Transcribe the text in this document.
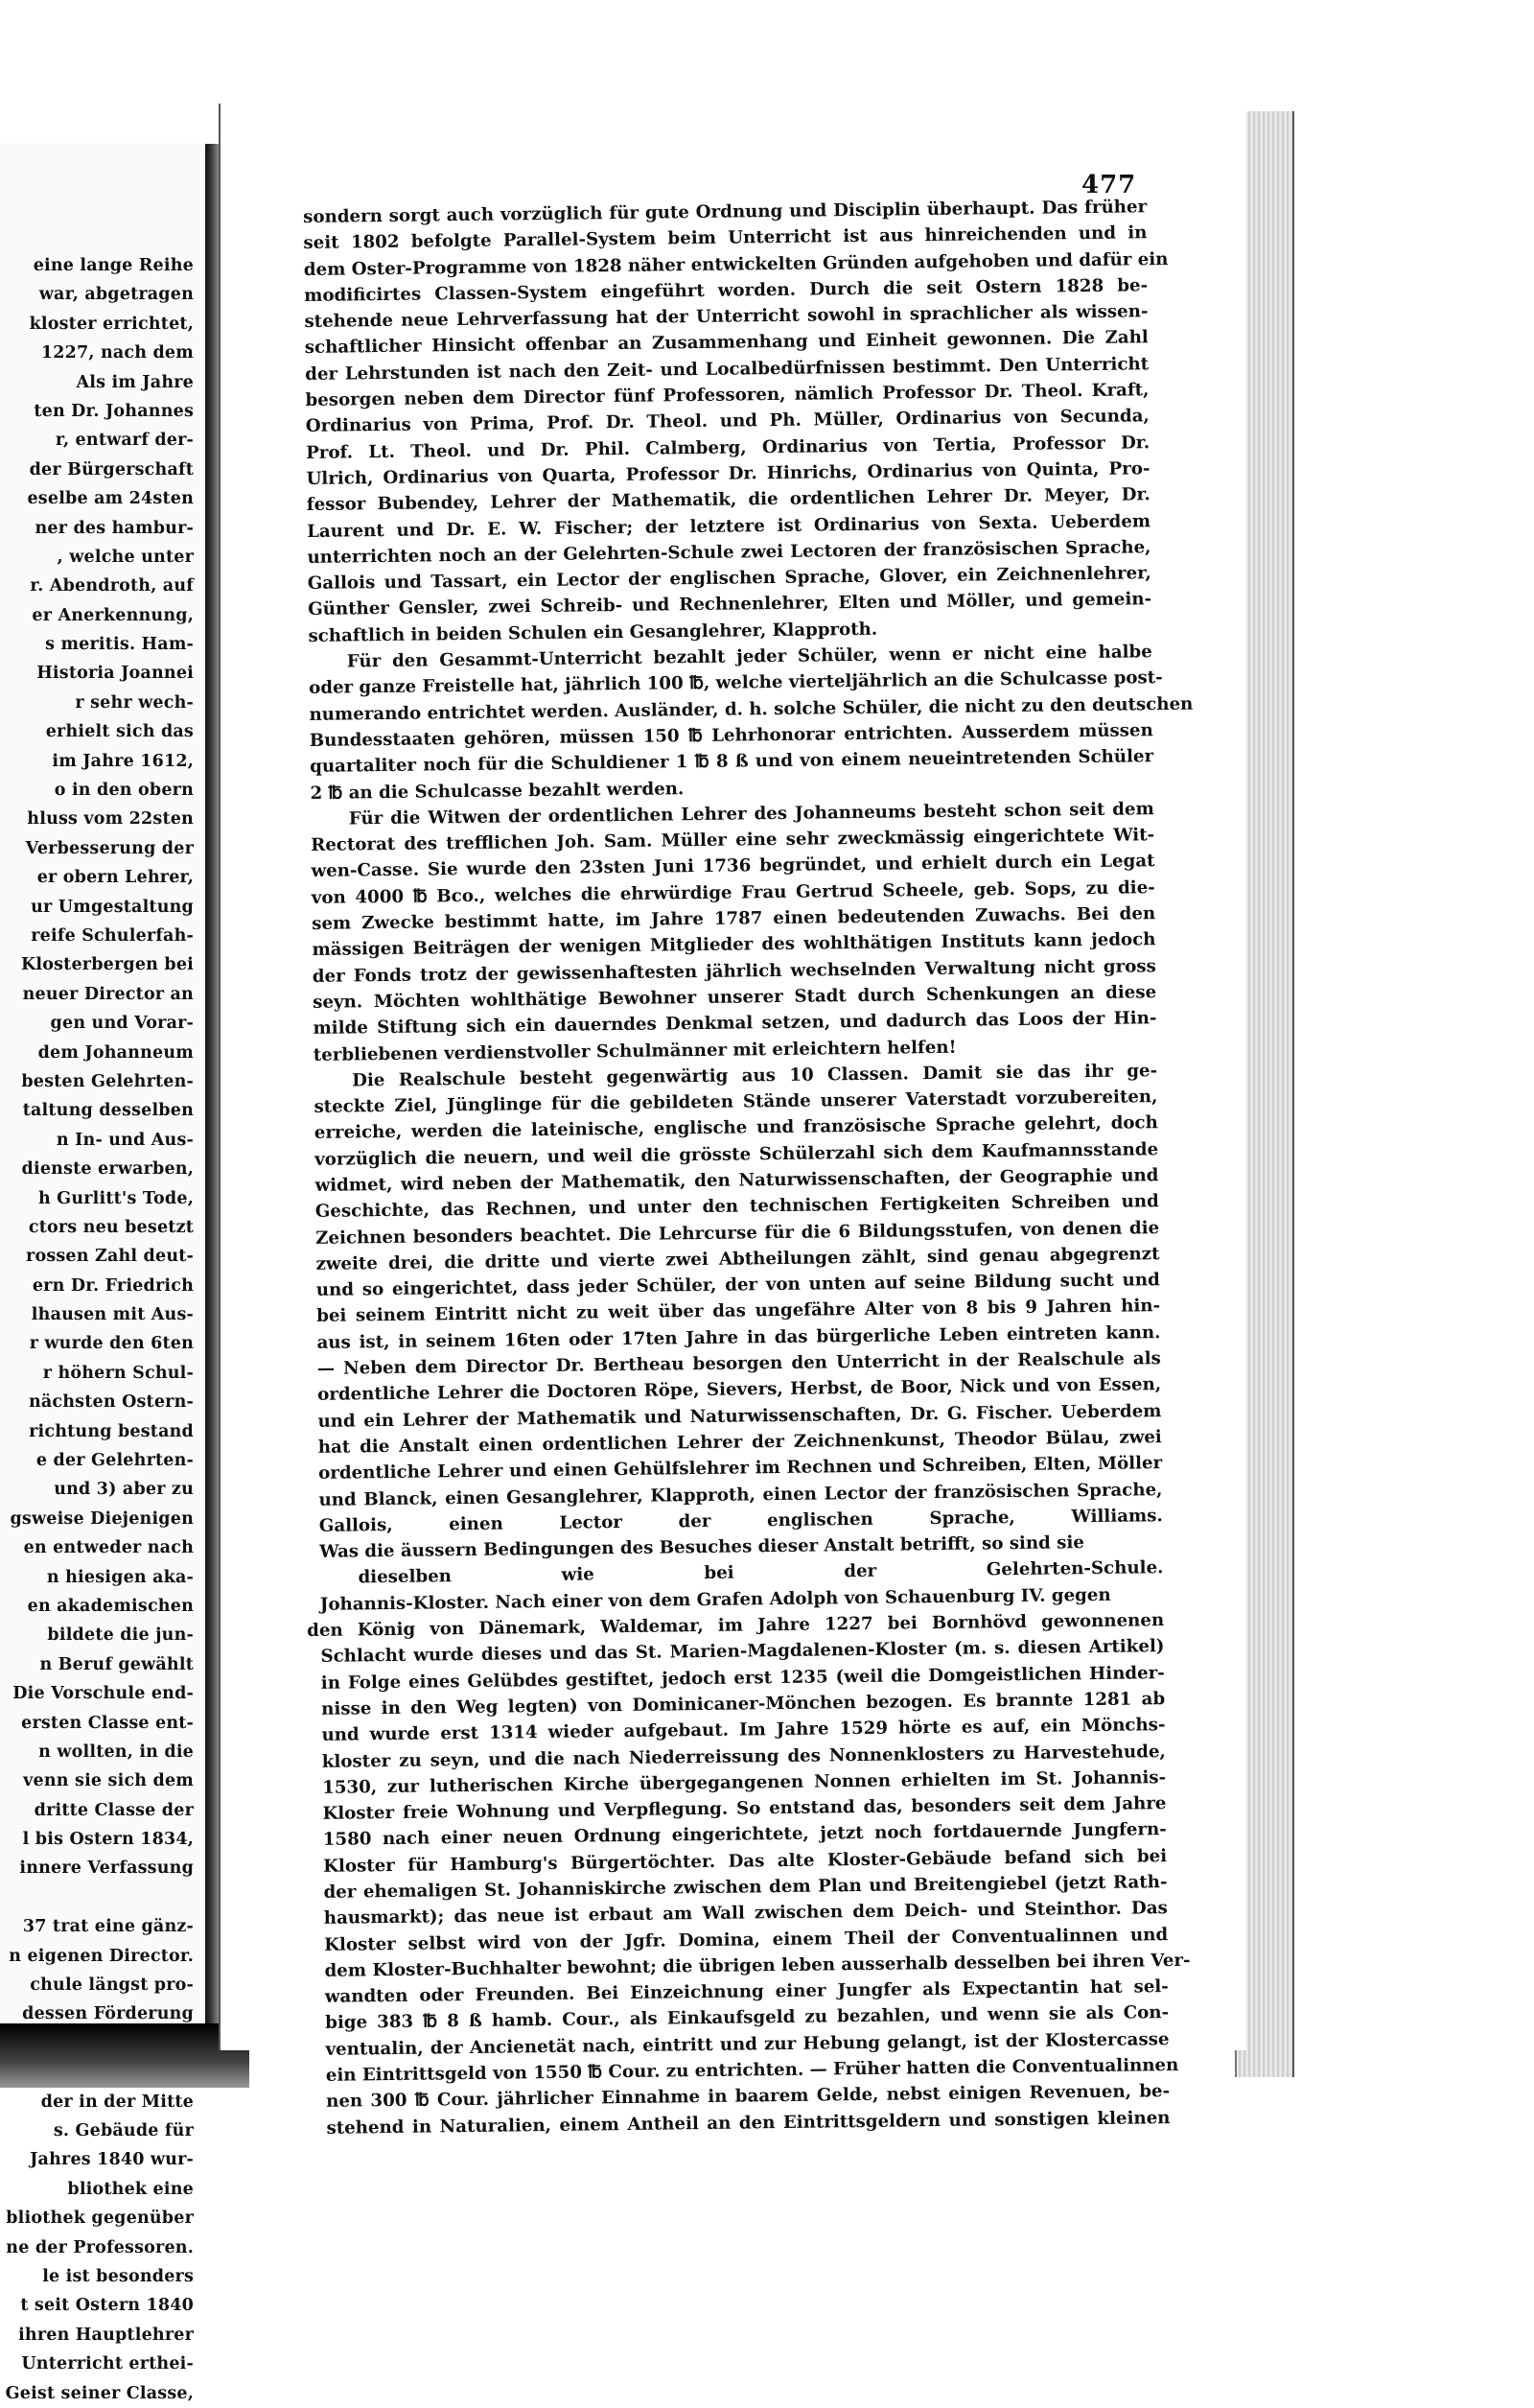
eine lange Reihe
war, abgetragen
kloster errichtet,
1227, nach dem
Als im Jahre
ten Dr. Johannes
r, entwarf der-
der Bürgerschaft
eselbe am 24sten
ner des hambur-
, welche unter
r. Abendroth, auf
er Anerkennung,
s meritis. Ham-
Historia Joannei
r sehr wech-
erhielt sich das
im Jahre 1612,
o in den obern
hluss vom 22sten
Verbesserung der
er obern Lehrer,
ur Umgestaltung
reife Schulerfah-
Klosterbergen bei
neuer Director an
gen und Vorar-
dem Johanneum
besten Gelehrten-
taltung desselben
n In- und Aus-
dienste erwarben,
h Gurlitt's Tode,
ctors neu besetzt
rossen Zahl deut-
ern Dr. Friedrich
lhausen mit Aus-
r wurde den 6ten
r höhern Schul-
nächsten Ostern-
richtung bestand
e der Gelehrten-
und 3) aber zu
gsweise Diejenigen
en entweder nach
n hiesigen aka-
en akademischen
bildete die jun-
n Beruf gewählt
Die Vorschule end-
ersten Classe ent-
n wollten, in die
venn sie sich dem
dritte Classe der
l bis Ostern 1834,
innere Verfassung
37 trat eine gänz-
n eigenen Director.
chule längst pro-
dessen Förderung
der in der Mitte
s. Gebäude für
Jahres 1840 wur-
bliothek eine
bliothek gegenüber
ne der Professoren.
le ist besonders
t seit Ostern 1840
ihren Hauptlehrer
Unterricht erthei-
Geist seiner Classe,
477
sondern sorgt auch vorzüglich für gute Ordnung und Disciplin überhaupt. Das früher
seit 1802 befolgte Parallel-System beim Unterricht ist aus hinreichenden und in
dem Oster-Programme von 1828 näher entwickelten Gründen aufgehoben und dafür ein
modificirtes Classen-System eingeführt worden. Durch die seit Ostern 1828 be-
stehende neue Lehrverfassung hat der Unterricht sowohl in sprachlicher als wissen-
schaftlicher Hinsicht offenbar an Zusammenhang und Einheit gewonnen. Die Zahl
der Lehrstunden ist nach den Zeit- und Localbedürfnissen bestimmt. Den Unterricht
besorgen neben dem Director fünf Professoren, nämlich Professor Dr. Theol. Kraft,
Ordinarius von Prima, Prof. Dr. Theol. und Ph. Müller, Ordinarius von Secunda,
Prof. Lt. Theol. und Dr. Phil. Calmberg, Ordinarius von Tertia, Professor Dr.
Ulrich, Ordinarius von Quarta, Professor Dr. Hinrichs, Ordinarius von Quinta, Pro-
fessor Bubendey, Lehrer der Mathematik, die ordentlichen Lehrer Dr. Meyer, Dr.
Laurent und Dr. E. W. Fischer; der letztere ist Ordinarius von Sexta. Ueberdem
unterrichten noch an der Gelehrten-Schule zwei Lectoren der französischen Sprache,
Gallois und Tassart, ein Lector der englischen Sprache, Glover, ein Zeichnenlehrer,
Günther Gensler, zwei Schreib- und Rechnenlehrer, Elten und Möller, und gemein-
schaftlich in beiden Schulen ein Gesanglehrer, Klapproth.
Für den Gesammt-Unterricht bezahlt jeder Schüler, wenn er nicht eine halbe
oder ganze Freistelle hat, jährlich 100 ℔, welche vierteljährlich an die Schulcasse post-
numerando entrichtet werden. Ausländer, d. h. solche Schüler, die nicht zu den deutschen
Bundesstaaten gehören, müssen 150 ℔ Lehrhonorar entrichten. Ausserdem müssen
quartaliter noch für die Schuldiener 1 ℔ 8 ß und von einem neueintretenden Schüler
2 ℔ an die Schulcasse bezahlt werden.
Für die Witwen der ordentlichen Lehrer des Johanneums besteht schon seit dem
Rectorat des trefflichen Joh. Sam. Müller eine sehr zweckmässig eingerichtete Wit-
wen-Casse. Sie wurde den 23sten Juni 1736 begründet, und erhielt durch ein Legat
von 4000 ℔ Bco., welches die ehrwürdige Frau Gertrud Scheele, geb. Sops, zu die-
sem Zwecke bestimmt hatte, im Jahre 1787 einen bedeutenden Zuwachs. Bei den
mässigen Beiträgen der wenigen Mitglieder des wohlthätigen Instituts kann jedoch
der Fonds trotz der gewissenhaftesten jährlich wechselnden Verwaltung nicht gross
seyn. Möchten wohlthätige Bewohner unserer Stadt durch Schenkungen an diese
milde Stiftung sich ein dauerndes Denkmal setzen, und dadurch das Loos der Hin-
terbliebenen verdienstvoller Schulmänner mit erleichtern helfen!
Die Realschule besteht gegenwärtig aus 10 Classen. Damit sie das ihr ge-
steckte Ziel, Jünglinge für die gebildeten Stände unserer Vaterstadt vorzubereiten,
erreiche, werden die lateinische, englische und französische Sprache gelehrt, doch
vorzüglich die neuern, und weil die grösste Schülerzahl sich dem Kaufmannsstande
widmet, wird neben der Mathematik, den Naturwissenschaften, der Geographie und
Geschichte, das Rechnen, und unter den technischen Fertigkeiten Schreiben und
Zeichnen besonders beachtet. Die Lehrcurse für die 6 Bildungsstufen, von denen die
zweite drei, die dritte und vierte zwei Abtheilungen zählt, sind genau abgegrenzt
und so eingerichtet, dass jeder Schüler, der von unten auf seine Bildung sucht und
bei seinem Eintritt nicht zu weit über das ungefähre Alter von 8 bis 9 Jahren hin-
aus ist, in seinem 16ten oder 17ten Jahre in das bürgerliche Leben eintreten kann.
— Neben dem Director Dr. Bertheau besorgen den Unterricht in der Realschule als
ordentliche Lehrer die Doctoren Röpe, Sievers, Herbst, de Boor, Nick und von Essen,
und ein Lehrer der Mathematik und Naturwissenschaften, Dr. G. Fischer. Ueberdem
hat die Anstalt einen ordentlichen Lehrer der Zeichnenkunst, Theodor Bülau, zwei
ordentliche Lehrer und einen Gehülfslehrer im Rechnen und Schreiben, Elten, Möller
und Blanck, einen Gesanglehrer, Klapproth, einen Lector der französischen Sprache,
Gallois, einen Lector der englischen Sprache, Williams.
Was die äussern Bedingungen des Besuches dieser Anstalt betrifft, so sind sie
dieselben wie bei der Gelehrten-Schule.
Johannis-Kloster. Nach einer von dem Grafen Adolph von Schauenburg IV. gegen
den König von Dänemark, Waldemar, im Jahre 1227 bei Bornhövd gewonnenen
Schlacht wurde dieses und das St. Marien-Magdalenen-Kloster (m. s. diesen Artikel)
in Folge eines Gelübdes gestiftet, jedoch erst 1235 (weil die Domgeistlichen Hinder-
nisse in den Weg legten) von Dominicaner-Mönchen bezogen. Es brannte 1281 ab
und wurde erst 1314 wieder aufgebaut. Im Jahre 1529 hörte es auf, ein Mönchs-
kloster zu seyn, und die nach Niederreissung des Nonnenklosters zu Harvestehude,
1530, zur lutherischen Kirche übergegangenen Nonnen erhielten im St. Johannis-
Kloster freie Wohnung und Verpflegung. So entstand das, besonders seit dem Jahre
1580 nach einer neuen Ordnung eingerichtete, jetzt noch fortdauernde Jungfern-
Kloster für Hamburg's Bürgertöchter. Das alte Kloster-Gebäude befand sich bei
der ehemaligen St. Johanniskirche zwischen dem Plan und Breitengiebel (jetzt Rath-
hausmarkt); das neue ist erbaut am Wall zwischen dem Deich- und Steinthor. Das
Kloster selbst wird von der Jgfr. Domina, einem Theil der Conventualinnen und
dem Kloster-Buchhalter bewohnt; die übrigen leben ausserhalb desselben bei ihren Ver-
wandten oder Freunden. Bei Einzeichnung einer Jungfer als Expectantin hat sel-
bige 383 ℔ 8 ß hamb. Cour., als Einkaufsgeld zu bezahlen, und wenn sie als Con-
ventualin, der Ancienetät nach, eintritt und zur Hebung gelangt, ist der Klostercasse
ein Eintrittsgeld von 1550 ℔ Cour. zu entrichten. — Früher hatten die Conventualinnen
nen 300 ℔ Cour. jährlicher Einnahme in baarem Gelde, nebst einigen Revenuen, be-
stehend in Naturalien, einem Antheil an den Eintrittsgeldern und sonstigen kleinen
